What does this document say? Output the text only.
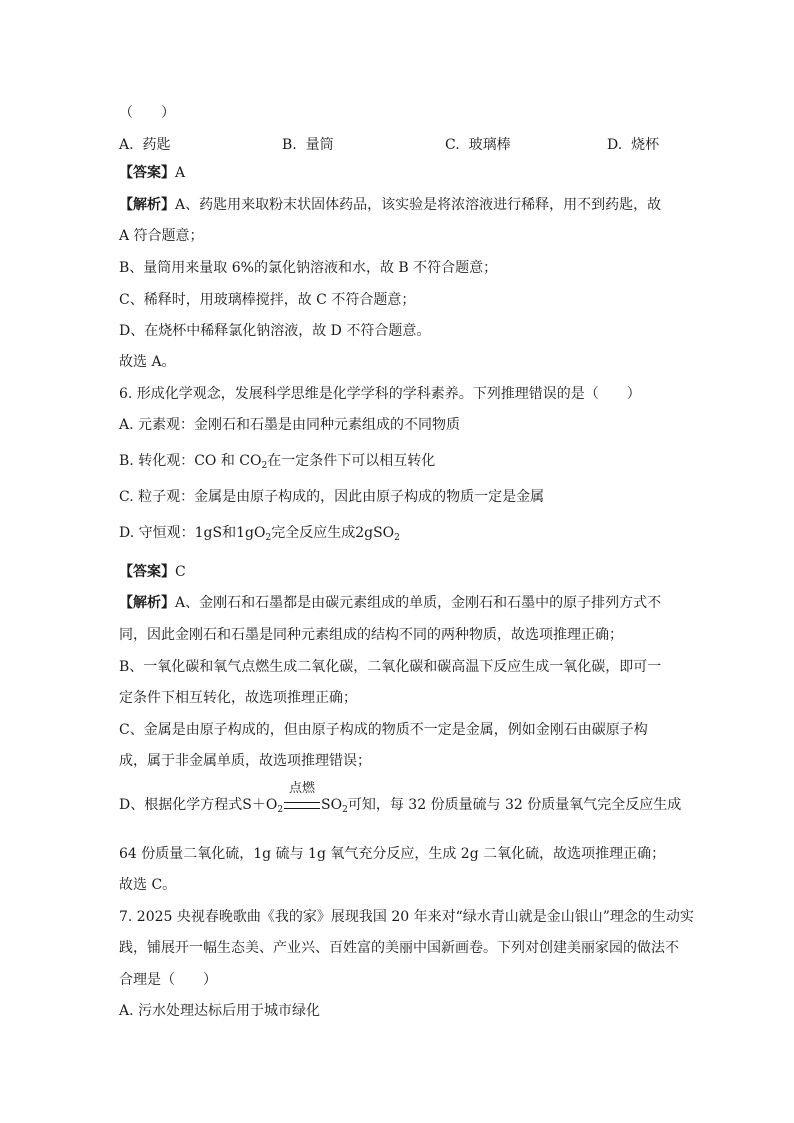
（　　）
A. 药匙	B. 量筒	C. 玻璃棒	D. 烧杯
【答案】A
【解析】A、药匙用来取粉末状固体药品，该实验是将浓溶液进行稀释，用不到药匙，故
A 符合题意；
B、量筒用来量取 6%的氯化钠溶液和水，故 B 不符合题意；
C、稀释时，用玻璃棒搅拌，故 C 不符合题意；
D、在烧杯中稀释氯化钠溶液，故 D 不符合题意。
故选 A。
6. 形成化学观念，发展科学思维是化学学科的学科素养。下列推理错误的是（　　）
A. 元素观：金刚石和石墨是由同种元素组成的不同物质
B. 转化观：CO 和 $CO_2$在一定条件下可以相互转化
C. 粒子观：金属是由原子构成的，因此由原子构成的物质一定是金属
D. 守恒观：1gS和$1gO_2$完全反应生成2gSO$_2$
【答案】C
【解析】A、金刚石和石墨都是由碳元素组成的单质，金刚石和石墨中的原子排列方式不
同，因此金刚石和石墨是同种元素组成的结构不同的两种物质，故选项推理正确；
B、一氧化碳和氧气点燃生成二氧化碳，二氧化碳和碳高温下反应生成一氧化碳，即可一
定条件下相互转化，故选项推理正确；
C、金属是由原子构成的，但由原子构成的物质不一定是金属，例如金刚石由碳原子构
成，属于非金属单质，故选项推理错误；
D、根据化学方程式$S+O_2$
点燃
$SO_2$可知，每 32 份质量硫与 32 份质量氧气完全反应生成
64 份质量二氧化硫，1g 硫与 1g 氧气充分反应，生成 2g 二氧化硫，故选项推理正确；
故选 C。
7. 2025 央视春晚歌曲《我的家》展现我国 20 年来对“绿水青山就是金山银山”理念的生动实
践，铺展开一幅生态美、产业兴、百姓富的美丽中国新画卷。下列对创建美丽家园的做法不
合理是（　　）
A. 污水处理达标后用于城市绿化
